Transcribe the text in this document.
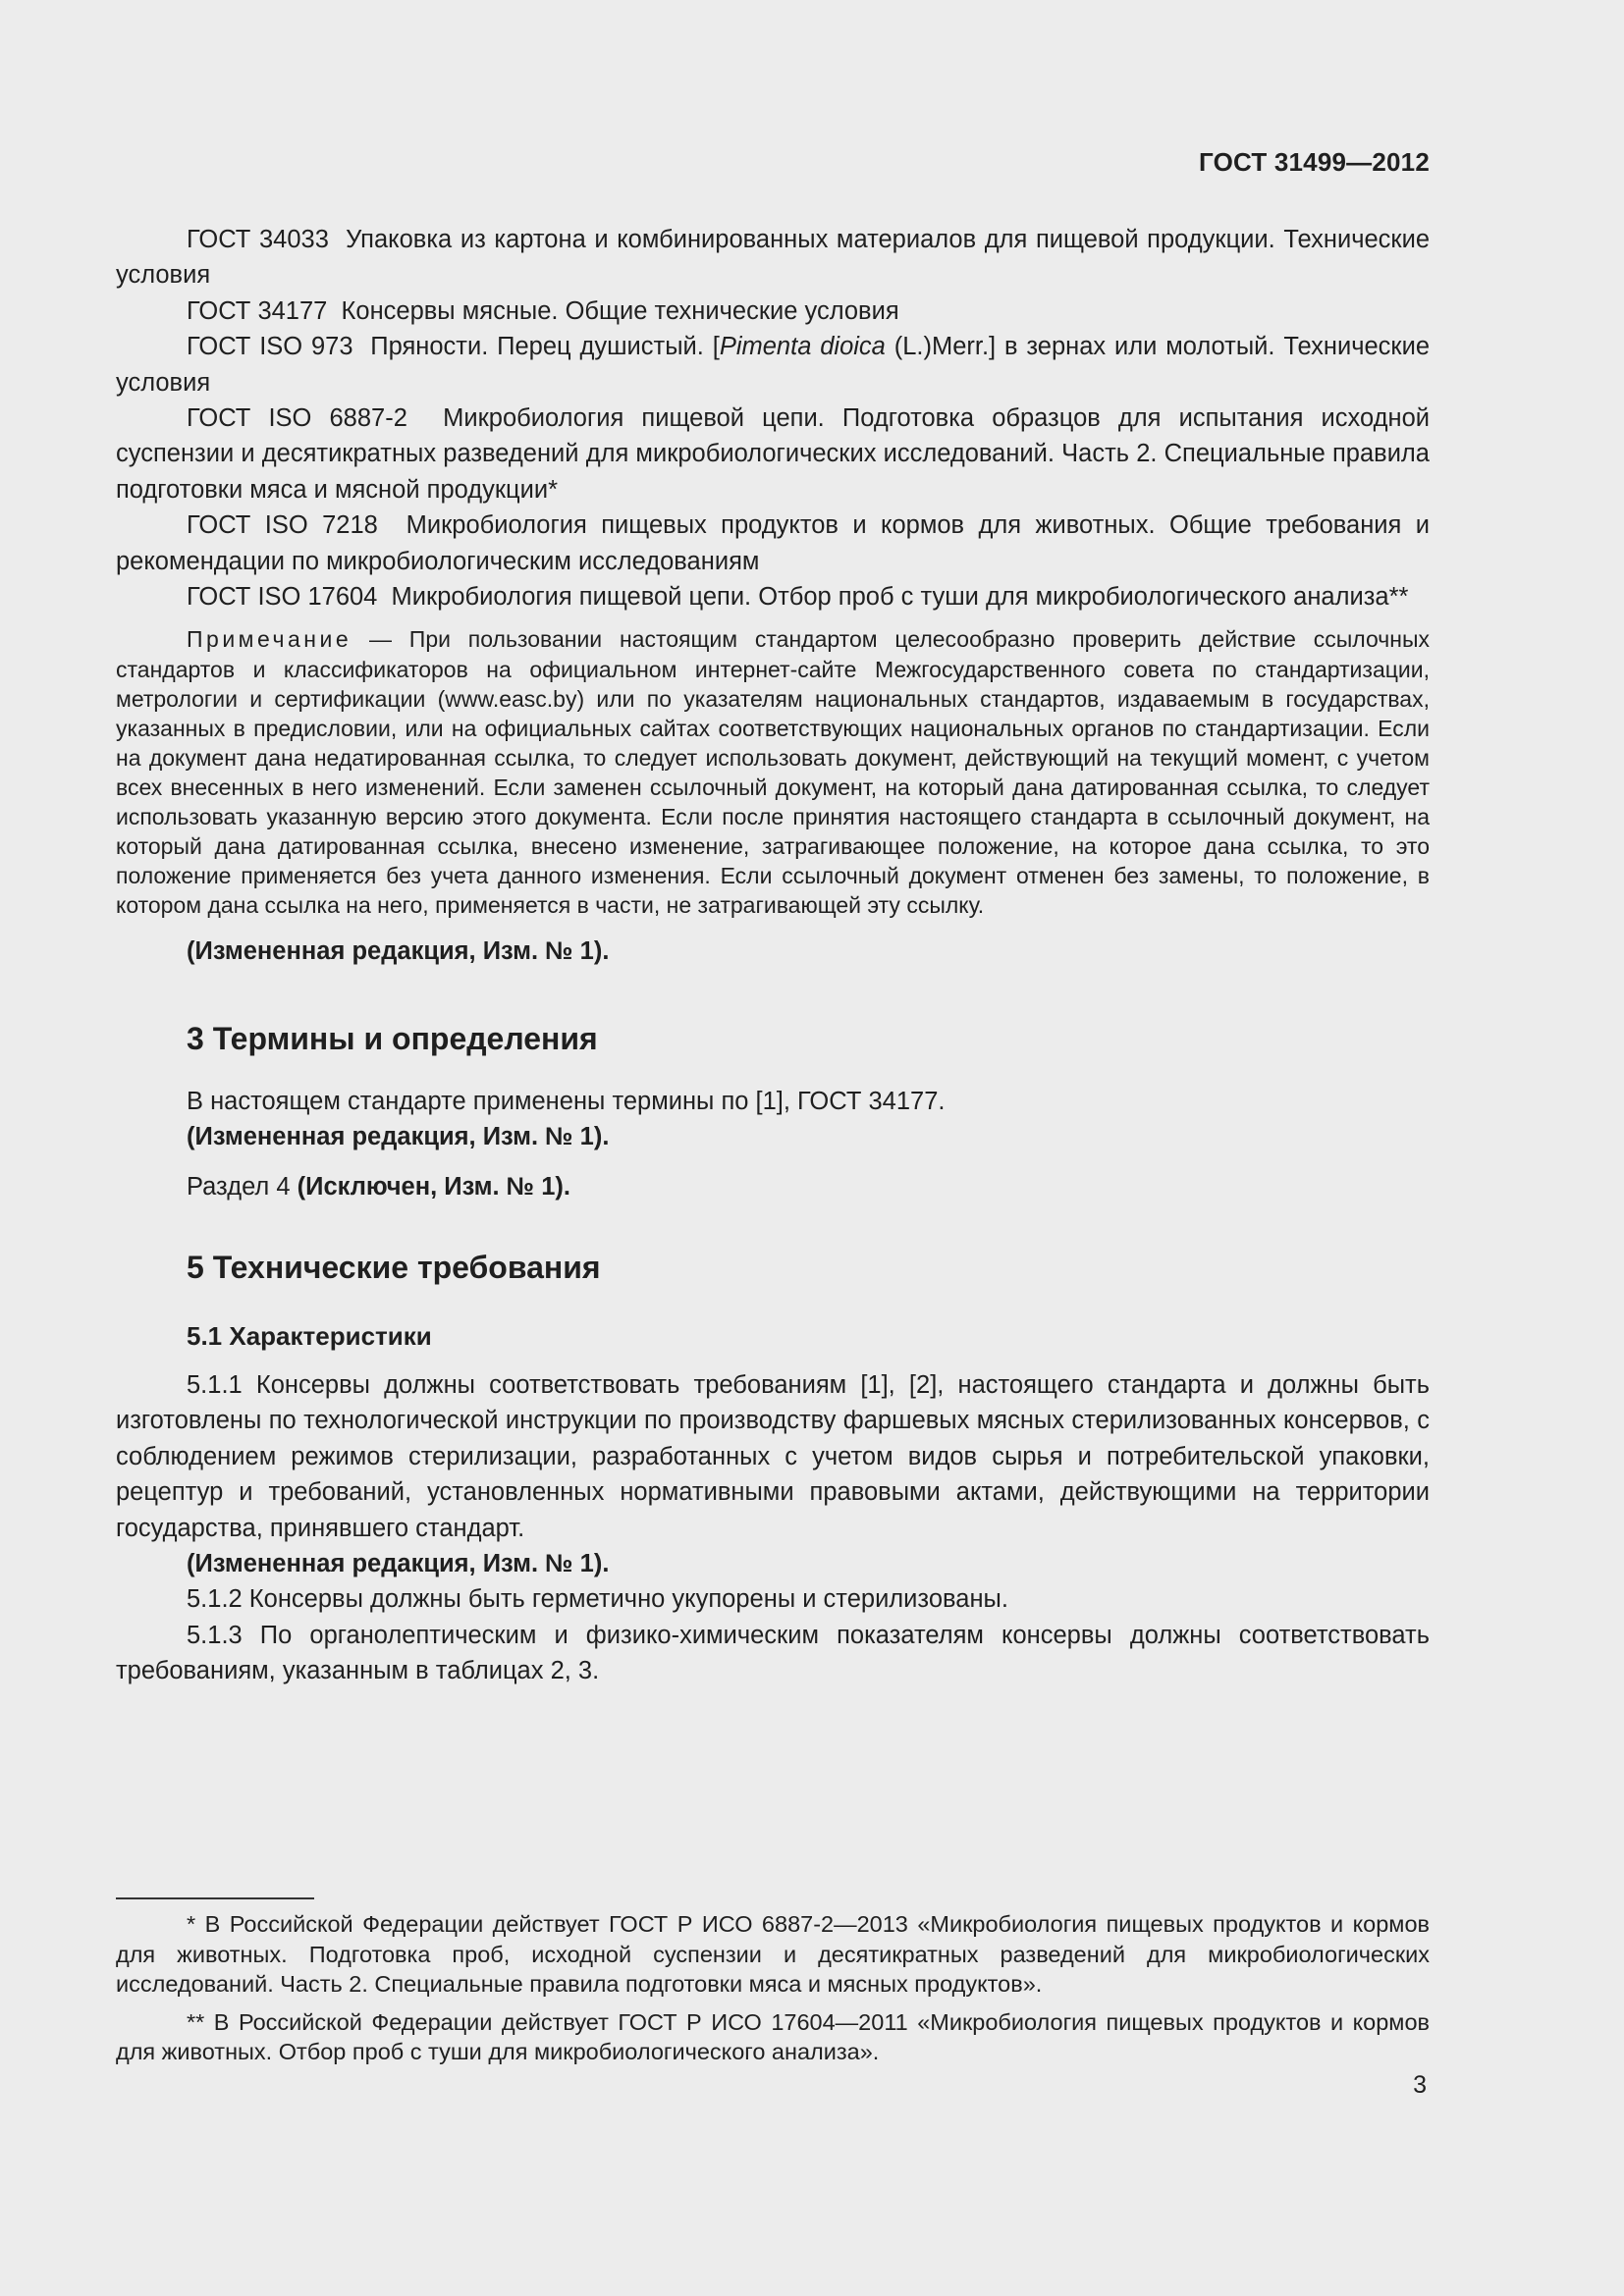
ГОСТ 31499—2012

ГОСТ 34033 Упаковка из картона и комбинированных материалов для пищевой продукции. Технические условия

ГОСТ 34177 Консервы мясные. Общие технические условия

ГОСТ ISO 973 Пряности. Перец душистый. [Pimenta dioica (L.)Merr.] в зернах или молотый. Технические условия

ГОСТ ISO 6887-2 Микробиология пищевой цепи. Подготовка образцов для испытания исходной суспензии и десятикратных разведений для микробиологических исследований. Часть 2. Специальные правила подготовки мяса и мясной продукции*

ГОСТ ISO 7218 Микробиология пищевых продуктов и кормов для животных. Общие требования и рекомендации по микробиологическим исследованиям

ГОСТ ISO 17604 Микробиология пищевой цепи. Отбор проб с туши для микробиологического анализа**

Примечание — При пользовании настоящим стандартом целесообразно проверить действие ссылочных стандартов и классификаторов на официальном интернет-сайте Межгосударственного совета по стандартизации, метрологии и сертификации (www.easc.by) или по указателям национальных стандартов, издаваемым в государствах, указанных в предисловии, или на официальных сайтах соответствующих национальных органов по стандартизации. Если на документ дана недатированная ссылка, то следует использовать документ, действующий на текущий момент, с учетом всех внесенных в него изменений. Если заменен ссылочный документ, на который дана датированная ссылка, то следует использовать указанную версию этого документа. Если после принятия настоящего стандарта в ссылочный документ, на который дана датированная ссылка, внесено изменение, затрагивающее положение, на которое дана ссылка, то это положение применяется без учета данного изменения. Если ссылочный документ отменен без замены, то положение, в котором дана ссылка на него, применяется в части, не затрагивающей эту ссылку.

(Измененная редакция, Изм. № 1).

3 Термины и определения

В настоящем стандарте применены термины по [1], ГОСТ 34177.

(Измененная редакция, Изм. № 1).

Раздел 4 (Исключен, Изм. № 1).

5 Технические требования
5.1 Характеристики

5.1.1 Консервы должны соответствовать требованиям [1], [2], настоящего стандарта и должны быть изготовлены по технологической инструкции по производству фаршевых мясных стерилизованных консервов, с соблюдением режимов стерилизации, разработанных с учетом видов сырья и потребительской упаковки, рецептур и требований, установленных нормативными правовыми актами, действующими на территории государства, принявшего стандарт.

(Измененная редакция, Изм. № 1).

5.1.2 Консервы должны быть герметично укупорены и стерилизованы.

5.1.3 По органолептическим и физико-химическим показателям консервы должны соответствовать требованиям, указанным в таблицах 2, 3.

* В Российской Федерации действует ГОСТ Р ИСО 6887-2—2013 «Микробиология пищевых продуктов и кормов для животных. Подготовка проб, исходной суспензии и десятикратных разведений для микробиологических исследований. Часть 2. Специальные правила подготовки мяса и мясных продуктов».

** В Российской Федерации действует ГОСТ Р ИСО 17604—2011 «Микробиология пищевых продуктов и кормов для животных. Отбор проб с туши для микробиологического анализа».

3
